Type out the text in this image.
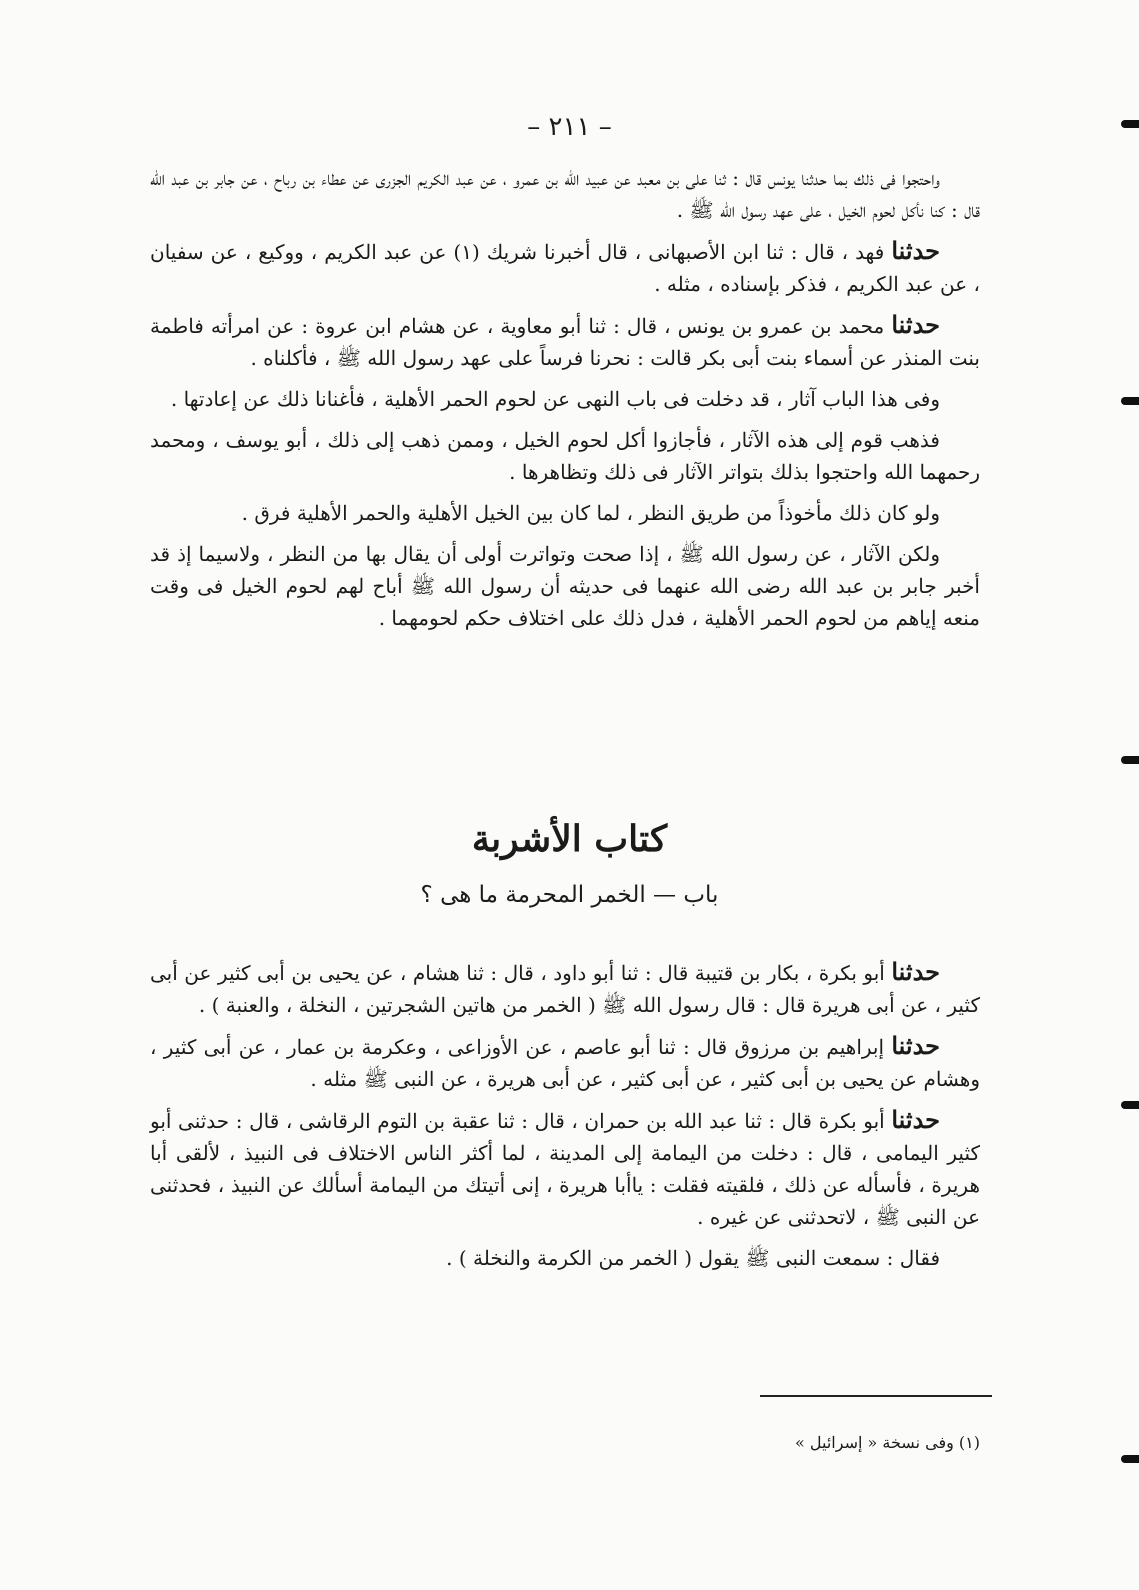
– ٢١١ –

واحتجوا فى ذلك بما حدثنا يونس قال : ثنا على بن معبد عن عبيد الله بن عمرو ، عن عبد الكريم الجزرى عن عطاء بن رباح ، عن جابر بن عبد الله قال : كنا نأكل لحوم الخيل ، على عهد رسول الله ﷺ .

حدثنا فهد ، قال : ثنا ابن الأصبهانى ، قال أخبرنا شريك (١) عن عبد الكريم ، ووكيع ، عن سفيان ، عن عبد الكريم ، فذكر بإسناده ، مثله .

حدثنا محمد بن عمرو بن يونس ، قال : ثنا أبو معاوية ، عن هشام ابن عروة : عن امرأته فاطمة بنت المنذر عن أسماء بنت أبى بكر قالت : نحرنا فرساً على عهد رسول الله ﷺ ، فأكلناه .

وفى هذا الباب آثار ، قد دخلت فى باب النهى عن لحوم الحمر الأهلية ، فأغنانا ذلك عن إعادتها .

فذهب قوم إلى هذه الآثار ، فأجازوا أكل لحوم الخيل ، وممن ذهب إلى ذلك ، أبو يوسف ، ومحمد رحمهما الله واحتجوا بذلك بتواتر الآثار فى ذلك وتظاهرها .

ولو كان ذلك مأخوذاً من طريق النظر ، لما كان بين الخيل الأهلية والحمر الأهلية فرق .

ولكن الآثار ، عن رسول الله ﷺ ، إذا صحت وتواترت أولى أن يقال بها من النظر ، ولاسيما إذ قد أخبر جابر بن عبد الله رضى الله عنهما فى حديثه أن رسول الله ﷺ أباح لهم لحوم الخيل فى وقت منعه إياهم من لحوم الحمر الأهلية ، فدل ذلك على اختلاف حكم لحومهما .

كتاب الأشربة
باب — الخمر المحرمة ما هى ؟

حدثنا أبو بكرة ، بكار بن قتيبة قال : ثنا أبو داود ، قال : ثنا هشام ، عن يحيى بن أبى كثير عن أبى كثير ، عن أبى هريرة قال : قال رسول الله ﷺ ( الخمر من هاتين الشجرتين ، النخلة ، والعنبة ) .

حدثنا إبراهيم بن مرزوق قال : ثنا أبو عاصم ، عن الأوزاعى ، وعكرمة بن عمار ، عن أبى كثير ، وهشام عن يحيى بن أبى كثير ، عن أبى كثير ، عن أبى هريرة ، عن النبى ﷺ مثله .

حدثنا أبو بكرة قال : ثنا عبد الله بن حمران ، قال : ثنا عقبة بن التوم الرقاشى ، قال : حدثنى أبو كثير اليمامى ، قال : دخلت من اليمامة إلى المدينة ، لما أكثر الناس الاختلاف فى النبيذ ، لألقى أبا هريرة ، فأسأله عن ذلك ، فلقيته فقلت : ياأبا هريرة ، إنى أتيتك من اليمامة أسألك عن النبيذ ، فحدثنى عن النبى ﷺ ، لاتحدثنى عن غيره .

فقال : سمعت النبى ﷺ يقول ( الخمر من الكرمة والنخلة ) .

(١) وفى نسخة « إسرائيل »
